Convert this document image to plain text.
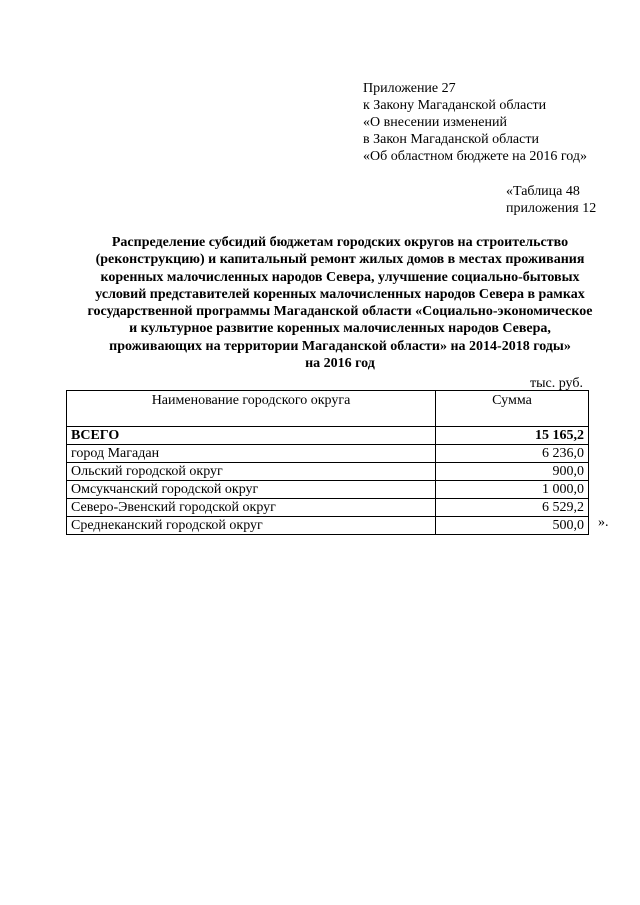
Приложение 27
к Закону Магаданской области
«О внесении изменений
в Закон Магаданской области
«Об областном бюджете на 2016 год»
«Таблица 48
приложения 12
Распределение субсидий бюджетам городских округов на строительство
(реконструкцию) и капитальный ремонт жилых домов в местах проживания
коренных малочисленных народов Севера, улучшение социально-бытовых
условий представителей коренных малочисленных народов Севера в рамках
государственной программы Магаданской области «Социально-экономическое
и культурное развитие коренных малочисленных народов Севера,
проживающих на территории Магаданской области» на 2014-2018 годы»
на 2016 год
тыс. руб.
Наименование городского округа	Сумма
ВСЕГО	15 165,2
город Магадан	6 236,0
Ольский городской округ	900,0
Омсукчанский городской округ	1 000,0
Северо-Эвенский городской округ	6 529,2
Среднеканский городской округ	500,0 ».
